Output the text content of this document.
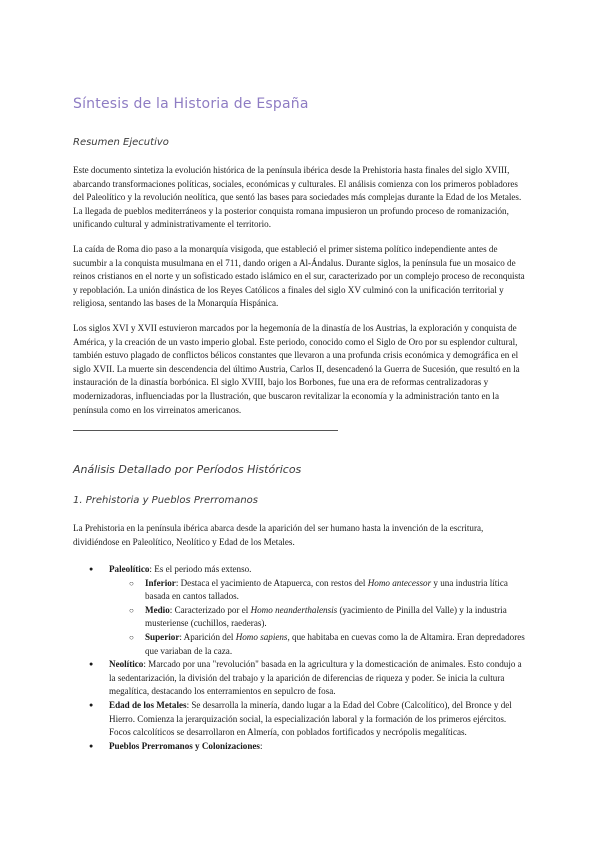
Síntesis de la Historia de España
Resumen Ejecutivo

Este documento sintetiza la evolución histórica de la península ibérica desde la Prehistoria hasta finales del siglo XVIII, abarcando transformaciones políticas, sociales, económicas y culturales. El análisis comienza con los primeros pobladores del Paleolítico y la revolución neolítica, que sentó las bases para sociedades más complejas durante la Edad de los Metales. La llegada de pueblos mediterráneos y la posterior conquista romana impusieron un profundo proceso de romanización, unificando cultural y administrativamente el territorio.

La caída de Roma dio paso a la monarquía visigoda, que estableció el primer sistema político independiente antes de sucumbir a la conquista musulmana en el 711, dando origen a Al-Ándalus. Durante siglos, la península fue un mosaico de reinos cristianos en el norte y un sofisticado estado islámico en el sur, caracterizado por un complejo proceso de reconquista y repoblación. La unión dinástica de los Reyes Católicos a finales del siglo XV culminó con la unificación territorial y religiosa, sentando las bases de la Monarquía Hispánica.

Los siglos XVI y XVII estuvieron marcados por la hegemonía de la dinastía de los Austrias, la exploración y conquista de América, y la creación de un vasto imperio global. Este periodo, conocido como el Siglo de Oro por su esplendor cultural, también estuvo plagado de conflictos bélicos constantes que llevaron a una profunda crisis económica y demográfica en el siglo XVII. La muerte sin descendencia del último Austria, Carlos II, desencadenó la Guerra de Sucesión, que resultó en la instauración de la dinastía borbónica. El siglo XVIII, bajo los Borbones, fue una era de reformas centralizadoras y modernizadoras, influenciadas por la Ilustración, que buscaron revitalizar la economía y la administración tanto en la península como en los virreinatos americanos.

Análisis Detallado por Períodos Históricos
1. Prehistoria y Pueblos Prerromanos

La Prehistoria en la península ibérica abarca desde la aparición del ser humano hasta la invención de la escritura, dividiéndose en Paleolítico, Neolítico y Edad de los Metales.

● Paleolítico: Es el periodo más extenso.
○ Inferior: Destaca el yacimiento de Atapuerca, con restos del Homo antecessor y una industria lítica basada en cantos tallados.
○ Medio: Caracterizado por el Homo neanderthalensis (yacimiento de Pinilla del Valle) y la industria musteriense (cuchillos, raederas).
○ Superior: Aparición del Homo sapiens, que habitaba en cuevas como la de Altamira. Eran depredadores que variaban de la caza.
● Neolítico: Marcado por una "revolución" basada en la agricultura y la domesticación de animales. Esto condujo a la sedentarización, la división del trabajo y la aparición de diferencias de riqueza y poder. Se inicia la cultura megalítica, destacando los enterramientos en sepulcro de fosa.
● Edad de los Metales: Se desarrolla la minería, dando lugar a la Edad del Cobre (Calcolítico), del Bronce y del Hierro. Comienza la jerarquización social, la especialización laboral y la formación de los primeros ejércitos. Focos calcolíticos se desarrollaron en Almería, con poblados fortificados y necrópolis megalíticas.
● Pueblos Prerromanos y Colonizaciones:
